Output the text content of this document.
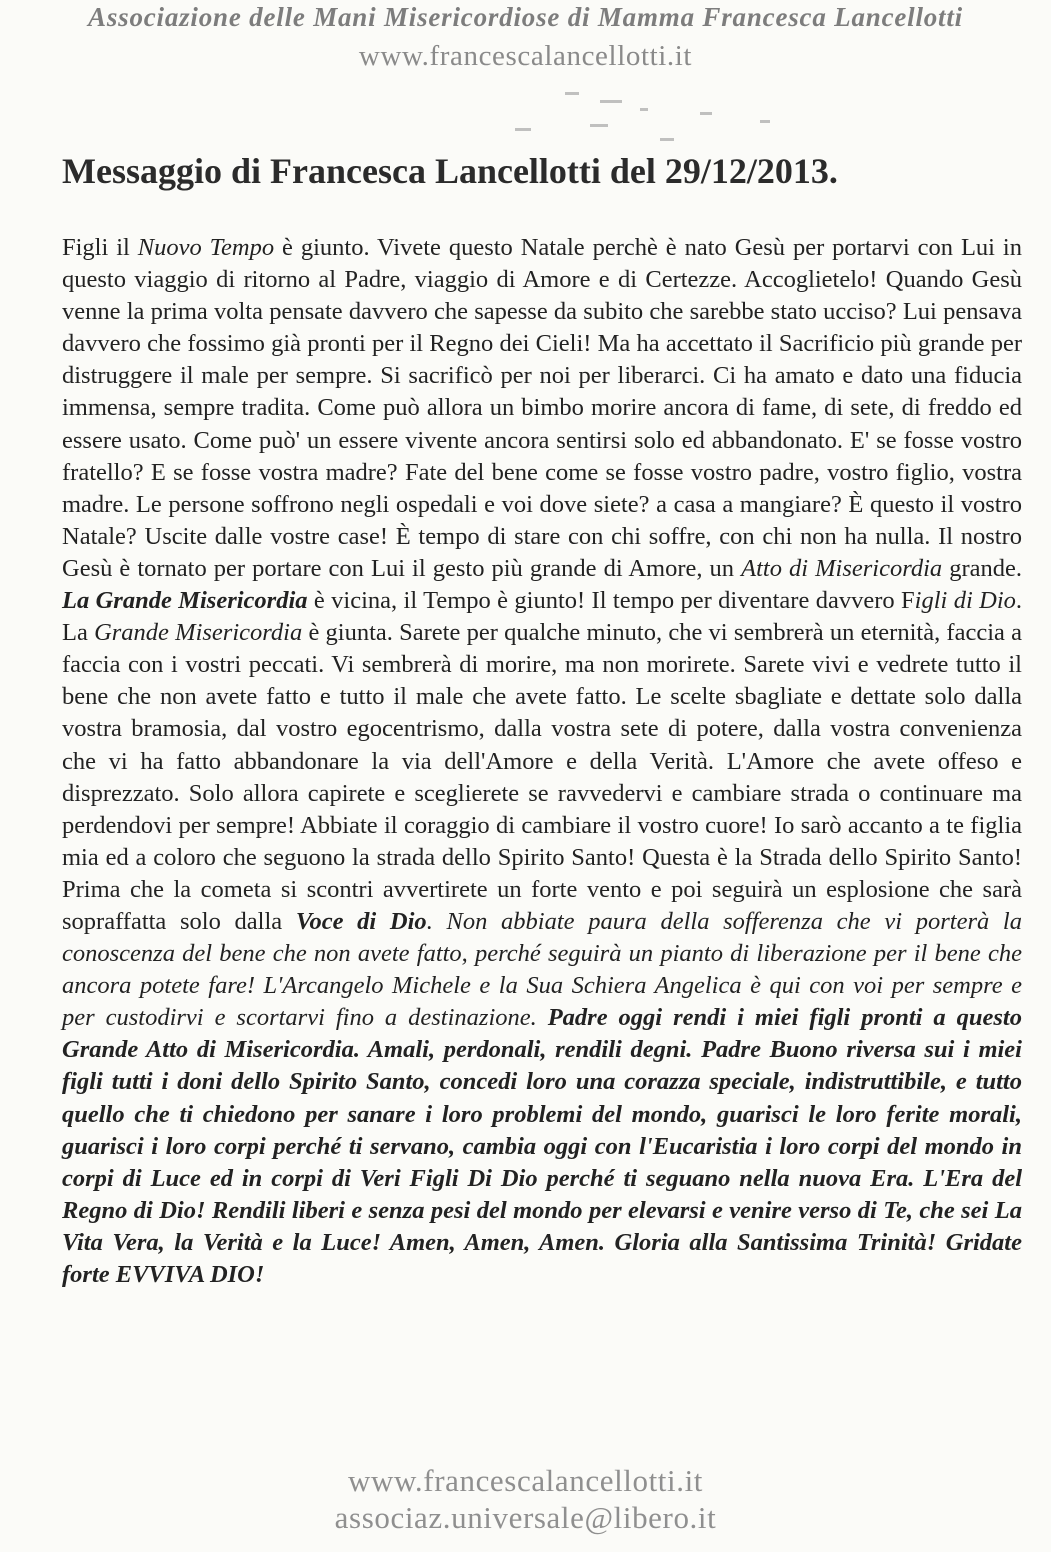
Associazione delle Mani Misericordiose di Mamma Francesca Lancellotti
www.francescalancellotti.it
Messaggio di Francesca Lancellotti del 29/12/2013.
Figli il Nuovo Tempo è giunto. Vivete questo Natale perchè è nato Gesù per portarvi con Lui in questo viaggio di ritorno al Padre, viaggio di Amore e di Certezze. Accoglietelo! Quando Gesù venne la prima volta pensate davvero che sapesse da subito che sarebbe stato ucciso? Lui pensava davvero che fossimo già pronti per il Regno dei Cieli! Ma ha accettato il Sacrificio più grande per distruggere il male per sempre. Si sacrificò per noi per liberarci. Ci ha amato e dato una fiducia immensa, sempre tradita. Come può allora un bimbo morire ancora di fame, di sete, di freddo ed essere usato. Come può' un essere vivente ancora sentirsi solo ed abbandonato. E' se fosse vostro fratello? E se fosse vostra madre? Fate del bene come se fosse vostro padre, vostro figlio, vostra madre. Le persone soffrono negli ospedali e voi dove siete? a casa a mangiare? È questo il vostro Natale? Uscite dalle vostre case! È tempo di stare con chi soffre, con chi non ha nulla. Il nostro Gesù è tornato per portare con Lui il gesto più grande di Amore, un Atto di Misericordia grande. La Grande Misericordia è vicina, il Tempo è giunto! Il tempo per diventare davvero Figli di Dio. La Grande Misericordia è giunta. Sarete per qualche minuto, che vi sembrerà un eternità, faccia a faccia con i vostri peccati. Vi sembrerà di morire, ma non morirete. Sarete vivi e vedrete tutto il bene che non avete fatto e tutto il male che avete fatto. Le scelte sbagliate e dettate solo dalla vostra bramosia, dal vostro egocentrismo, dalla vostra sete di potere, dalla vostra convenienza che vi ha fatto abbandonare la via dell'Amore e della Verità. L'Amore che avete offeso e disprezzato. Solo allora capirete e sceglierete se ravvedervi e cambiare strada o continuare ma perdendovi per sempre! Abbiate il coraggio di cambiare il vostro cuore! Io sarò accanto a te figlia mia ed a coloro che seguono la strada dello Spirito Santo! Questa è la Strada dello Spirito Santo! Prima che la cometa si scontri avvertirete un forte vento e poi seguirà un esplosione che sarà sopraffatta solo dalla Voce di Dio. Non abbiate paura della sofferenza che vi porterà la conoscenza del bene che non avete fatto, perché seguirà un pianto di liberazione per il bene che ancora potete fare! L'Arcangelo Michele e la Sua Schiera Angelica è qui con voi per sempre e per custodirvi e scortarvi fino a destinazione. Padre oggi rendi i miei figli pronti a questo Grande Atto di Misericordia. Amali, perdonali, rendili degni. Padre Buono riversa sui i miei figli tutti i doni dello Spirito Santo, concedi loro una corazza speciale, indistruttibile, e tutto quello che ti chiedono per sanare i loro problemi del mondo, guarisci le loro ferite morali, guarisci i loro corpi perché ti servano, cambia oggi con l'Eucaristia i loro corpi del mondo in corpi di Luce ed in corpi di Veri Figli Di Dio perché ti seguano nella nuova Era. L'Era del Regno di Dio! Rendili liberi e senza pesi del mondo per elevarsi e venire verso di Te, che sei La Vita Vera, la Verità e la Luce! Amen, Amen, Amen. Gloria alla Santissima Trinità! Gridate forte EVVIVA DIO!
www.francescalancellotti.it
associaz.universale@libero.it
